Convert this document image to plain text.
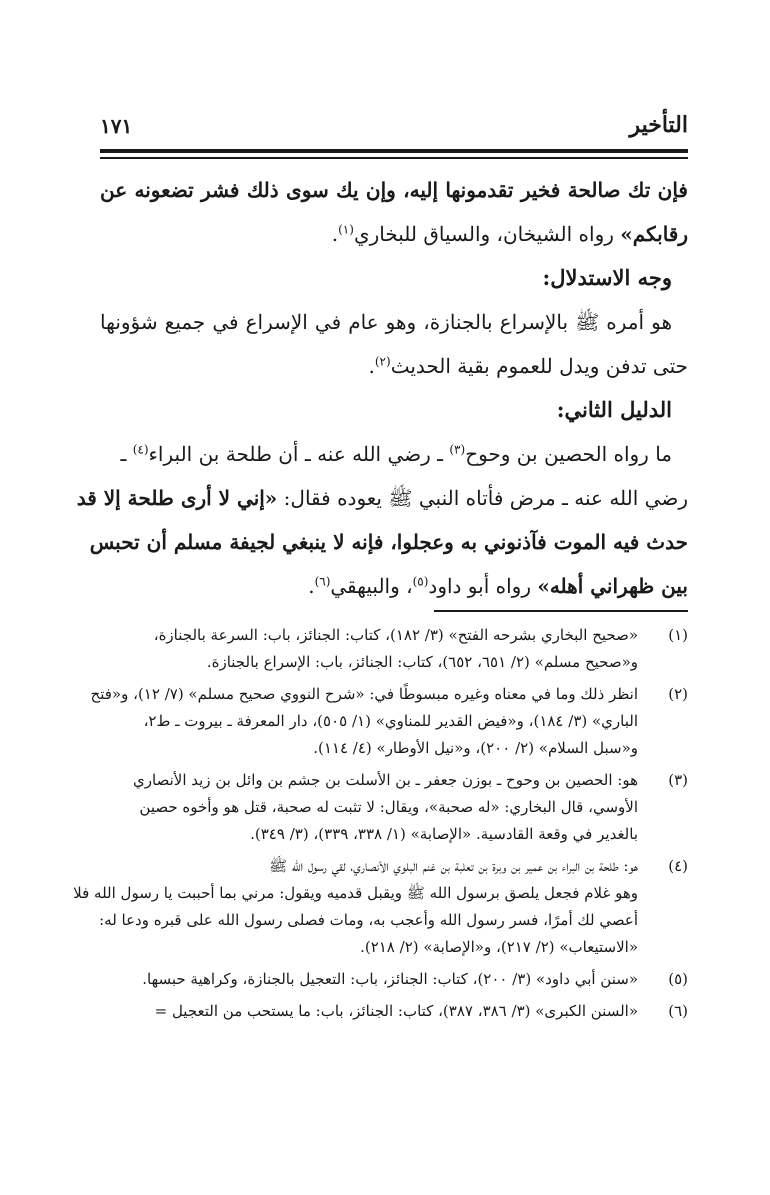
التأخير
١٧١
فإن تك صالحة فخير تقدمونها إليه، وإن يك سوى ذلك فشر تضعونه عن
رقابكم» رواه الشيخان، والسياق للبخاري$^{(١)}$.
وجه الاستدلال:
هو أمره ﷺ بالإسراع بالجنازة، وهو عام في الإسراع في جميع شؤونها
حتى تدفن ويدل للعموم بقية الحديث$^{(٢)}$.
الدليل الثاني:
ما رواه الحصين بن وحوح$^{(٣)}$ ـ رضي الله عنه ـ أن طلحة بن البراء$^{(٤)}$ ـ
رضي الله عنه ـ مرض فأتاه النبي ﷺ يعوده فقال: «إني لا أرى طلحة إلا قد
حدث فيه الموت فآذنوني به وعجلوا، فإنه لا ينبغي لجيفة مسلم أن تحبس
بين ظهراني أهله» رواه أبو داود$^{(٥)}$، والبيهقي$^{(٦)}$.
(١)
«صحيح البخاري بشرحه الفتح» (٣/ ١٨٢)، كتاب: الجنائز، باب: السرعة بالجنازة،
و«صحيح مسلم» (٢/ ٦٥١، ٦٥٢)، كتاب: الجنائز، باب: الإسراع بالجنازة.
(٢)
انظر ذلك وما في معناه وغيره مبسوطًا في: «شرح النووي صحيح مسلم» (٧/ ١٢)، و«فتح
الباري» (٣/ ١٨٤)، و«فيض القدير للمناوي» (١/ ٥٠٥)، دار المعرفة ـ بيروت ـ ط٢،
و«سبل السلام» (٢/ ٢٠٠)، و«نيل الأوطار» (٤/ ١١٤).
(٣)
هو: الحصين بن وحوح ـ بوزن جعفر ـ بن الأسلت بن جشم بن وائل بن زيد الأنصاري
الأوسي، قال البخاري: «له صحبة»، ويقال: لا تثبت له صحبة، قتل هو وأخوه حصين
بالغدير في وقعة القادسية. «الإصابة» (١/ ٣٣٨، ٣٣٩)، (٣/ ٣٤٩).
(٤)
هو: طلحة بن البراء بن عمير بن وبرة بن تعلبة بن غنم البلوي الأنصاري، لقي رسول الله ﷺ
وهو غلام فجعل يلصق برسول الله ﷺ ويقبل قدميه ويقول: مرني بما أحببت يا رسول الله فلا
أعصي لك أمرًا، فسر رسول الله وأعجب به، ومات فصلى رسول الله على قبره ودعا له:
«الاستيعاب» (٢/ ٢١٧)، و«الإصابة» (٢/ ٢١٨).
(٥)
«سنن أبي داود» (٣/ ٢٠٠)، كتاب: الجنائز، باب: التعجيل بالجنازة، وكراهية حبسها.
(٦)
«السنن الكبرى» (٣/ ٣٨٦، ٣٨٧)، كتاب: الجنائز، باب: ما يستحب من التعجيل =
